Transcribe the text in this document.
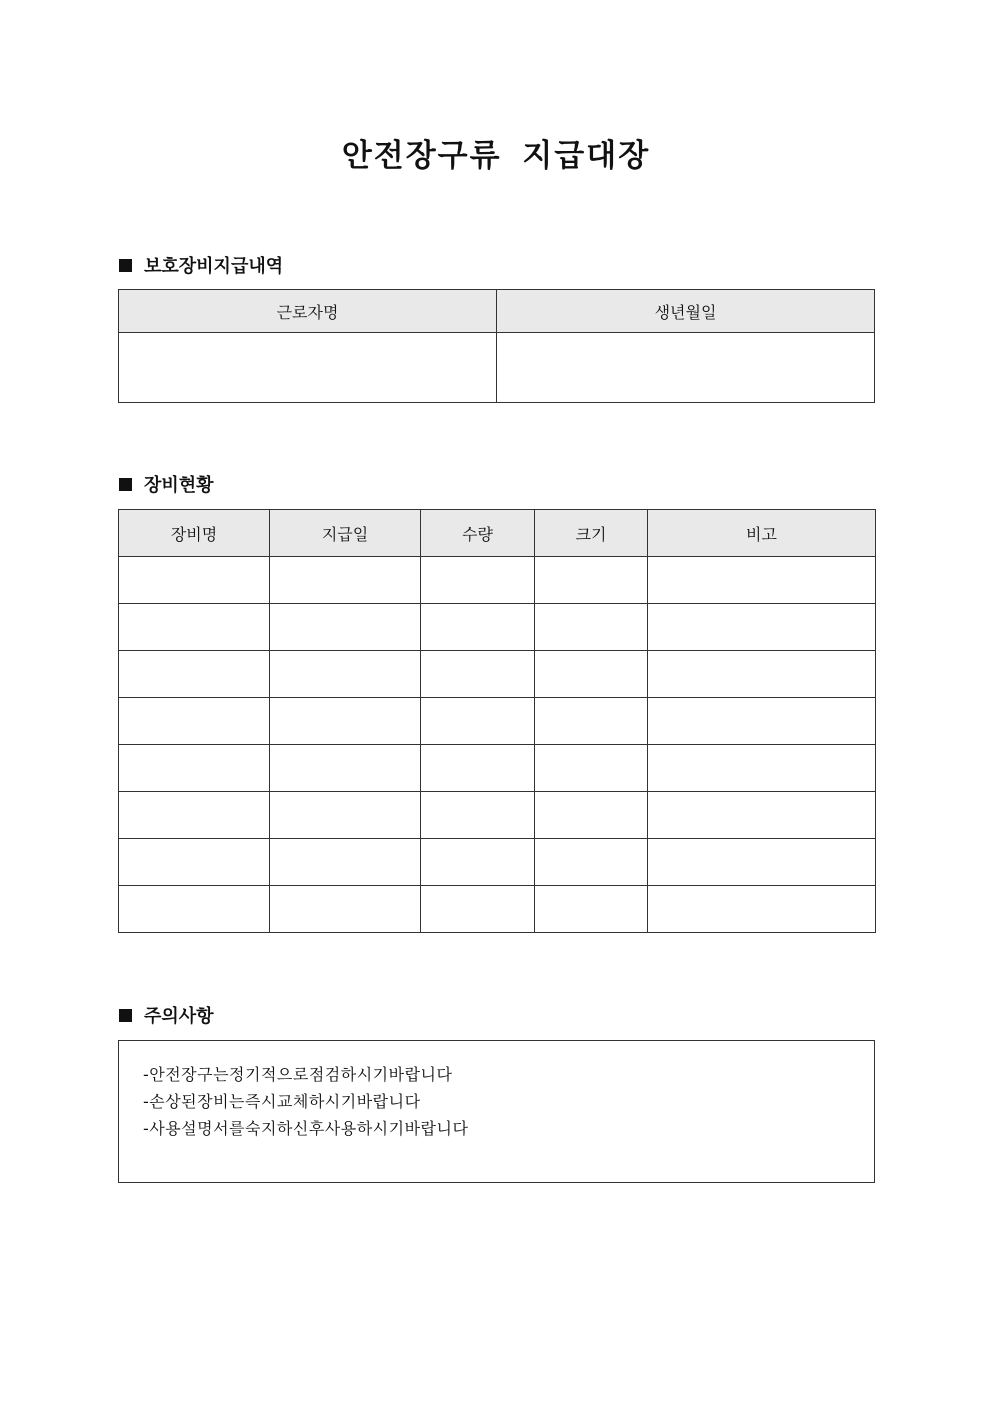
안전장구류 지급대장
보호장비지급내역
근로자명	생년월일

장비현황
장비명	지급일	수량	크기	비고

주의사항
-안전장구는정기적으로점검하시기바랍니다
-손상된장비는즉시교체하시기바랍니다
-사용설명서를숙지하신후사용하시기바랍니다
